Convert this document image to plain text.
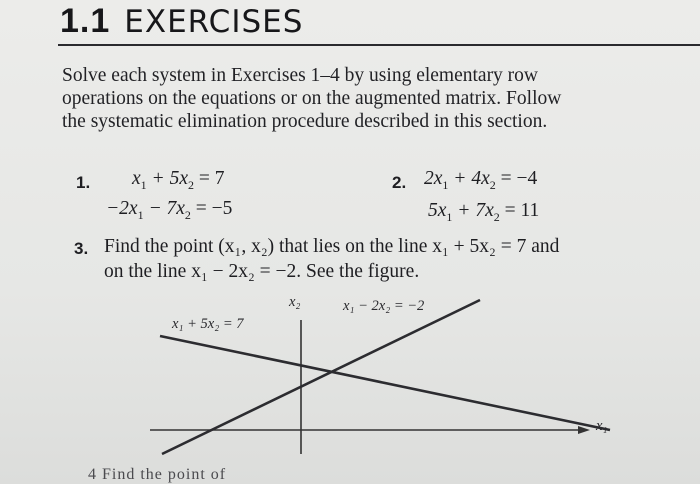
1.1 EXERCISES
Solve each system in Exercises 1–4 by using elementary row
operations on the equations or on the augmented matrix. Follow
the systematic elimination procedure described in this section.
1. $x_1 + 5x_2 = 7$
$-2x_1 - 7x_2 = -5$
2. $2x_1 + 4x_2 = -4$
$5x_1 + 7x_2 = 11$
3. Find the point (x₁, x₂) that lies on the line x₁ + 5x₂ = 7 and
on the line x₁ − 2x₂ = −2. See the figure.
x₁ + 5x₂ = 7
x₁ − 2x₂ = −2
x₂
x₁
4 Find the point of
